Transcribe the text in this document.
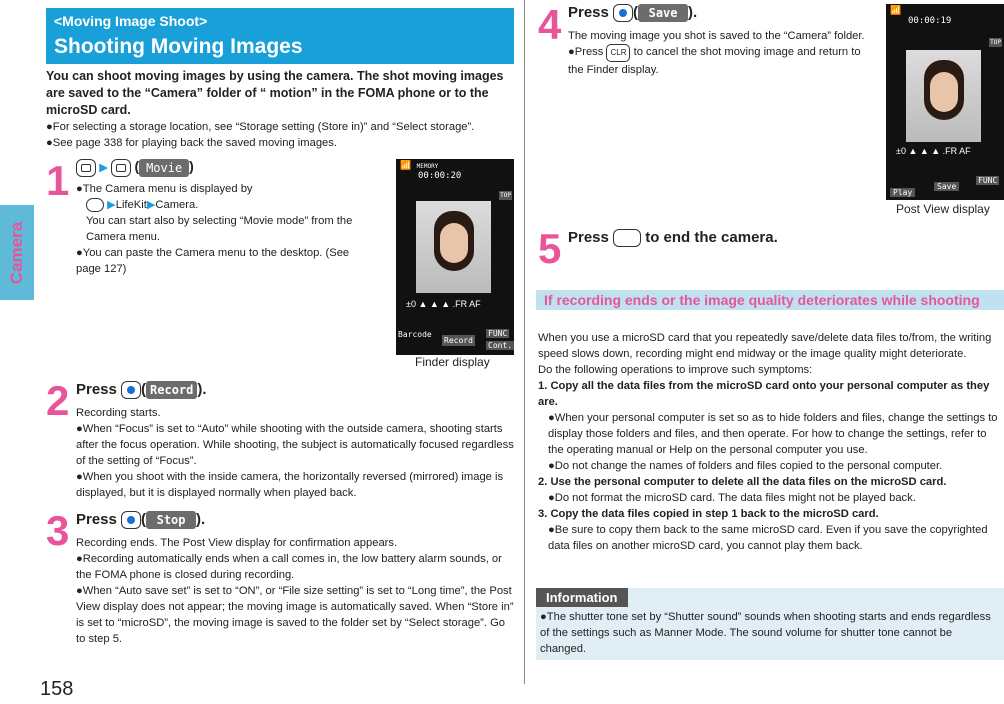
Camera
158
<Moving Image Shoot>
Shooting Moving Images
You can shoot moving images by using the camera. The shot moving images are saved to the “Camera” folder of “ motion” in the FOMA phone or to the microSD card.

●For selecting a storage location, see “Storage setting (Store in)” and “Select storage”.

●See page 338 for playing back the saved moving images.

1	▶ ( Movie )

●The Camera menu is displayed by

▶LifeKit▶Camera.

You can start also by selecting “Movie mode” from the Camera menu.

●You can paste the Camera menu to the desktop. (See page 127)

📶 MEMORY
00:00:20
TOP
±0 ▲ ▲ ▲ .FR AF
Barcode
Record
FUNC
Cont.
Finder display
2 Press ( Record ).

Recording starts.

●When “Focus” is set to “Auto” while shooting with the outside camera, shooting starts after the focus operation. While shooting, the subject is automatically focused regardless of the setting of “Focus”.

●When you shoot with the inside camera, the horizontally reversed (mirrored) image is displayed, but it is displayed normally when played back.

3 Press ( Stop ).

Recording ends. The Post View display for confirmation appears.

●Recording automatically ends when a call comes in, the low battery alarm sounds, or the FOMA phone is closed during recording.

●When “Auto save set” is set to “ON”, or “File size setting” is set to “Long time”, the Post View display does not appear; the moving image is automatically saved. When “Store in” is set to “microSD”, the moving image is saved to the folder set by “Select storage”. Go to step 5.

4 Press ( Save ).

The moving image you shot is saved to the “Camera” folder.

●Press CLR to cancel the shot moving image and return to the Finder display.

📶
00:00:19
TOP
±0 ▲ ▲ ▲ .FR AF
Play
Save
FUNC
Post View display
5 Press to end the camera.
If recording ends or the image quality deteriorates while shooting

When you use a microSD card that you repeatedly save/delete data files to/from, the writing speed slows down, recording might end midway or the image quality might deteriorate.

Do the following operations to improve such symptoms:

1. Copy all the data files from the microSD card onto your personal computer as they are.

●When your personal computer is set so as to hide folders and files, change the settings to display those folders and files, and then operate. For how to change the settings, refer to the operating manual or Help on the personal computer you use.

●Do not change the names of folders and files copied to the personal computer.

2. Use the personal computer to delete all the data files on the microSD card.

●Do not format the microSD card. The data files might not be played back.

3. Copy the data files copied in step 1 back to the microSD card.

●Be sure to copy them back to the same microSD card. Even if you save the copyrighted data files on another microSD card, you cannot play them back.

Information
●The shutter tone set by “Shutter sound” sounds when shooting starts and ends regardless of the settings such as Manner Mode. The sound volume for shutter tone cannot be changed.
